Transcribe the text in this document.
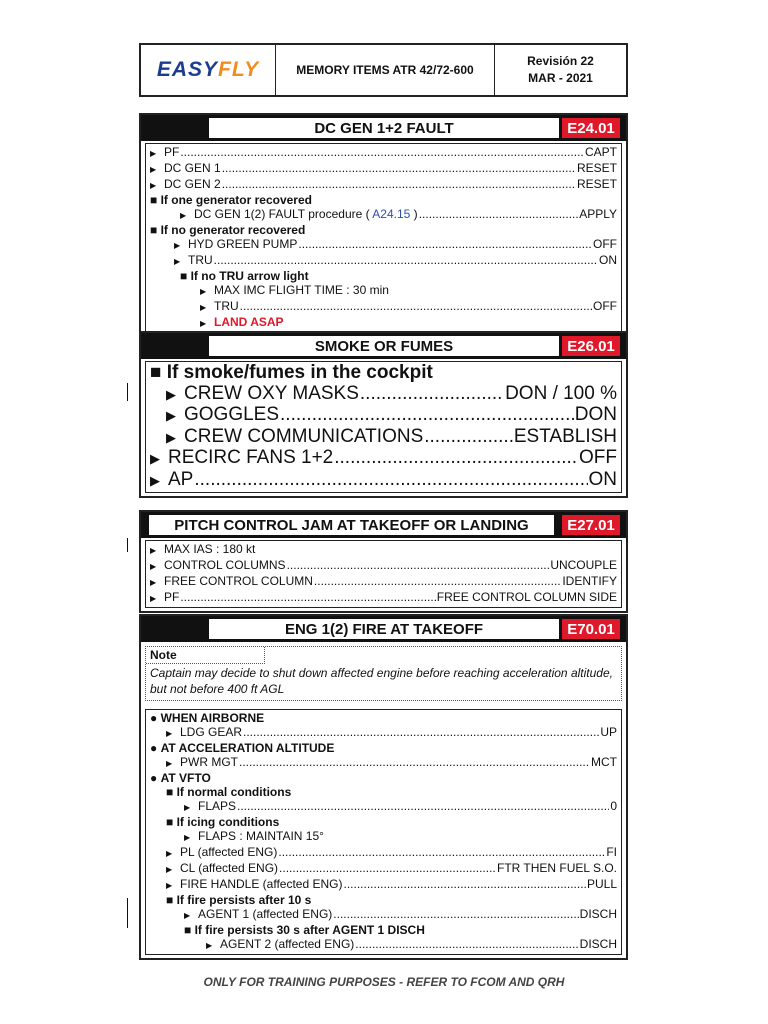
EASY FLY	MEMORY ITEMS ATR 42/72-600
Revisión 22
MAR - 2021
DC GEN 1+2 FAULT	E24.01
▶ PF .....	CAPT
▶ DC GEN 1 .....	RESET
▶ DC GEN 2 .....	RESET
■ If one generator recovered
▶ DC GEN 1(2) FAULT procedure ( A24.15 ) .....	APPLY
■ If no generator recovered
▶ HYD GREEN PUMP .....	OFF
▶ TRU .....	ON
■ If no TRU arrow light
▶ MAX IMC FLIGHT TIME : 30 min
▶ TRU .....	OFF
▶ LAND ASAP
SMOKE OR FUMES	E26.01
■ If smoke/fumes in the cockpit
▶ CREW OXY MASKS .....	DON / 100 %
▶ GOGGLES .....	DON
▶ CREW COMMUNICATIONS .....	ESTABLISH
▶ RECIRC FANS 1+2 .....	OFF
▶ AP .....	ON
PITCH CONTROL JAM AT TAKEOFF OR LANDING	E27.01
▶ MAX IAS : 180 kt
▶ CONTROL COLUMNS .....	UNCOUPLE
▶ FREE CONTROL COLUMN .....	IDENTIFY
▶ PF .....	FREE CONTROL COLUMN SIDE
ENG 1(2) FIRE AT TAKEOFF	E70.01
Note
Captain may decide to shut down affected engine before reaching acceleration altitude, but not before 400 ft AGL
● WHEN AIRBORNE
▶ LDG GEAR .....	UP
● AT ACCELERATION ALTITUDE
▶ PWR MGT .....	MCT
● AT VFTO
■ If normal conditions
▶ FLAPS .....	0
■ If icing conditions
▶ FLAPS : MAINTAIN 15°
▶ PL (affected ENG) .....	FI
▶ CL (affected ENG) .....	FTR THEN FUEL S.O.
▶ FIRE HANDLE (affected ENG) .....	PULL
■ If fire persists after 10 s
▶ AGENT 1 (affected ENG) .....	DISCH
■ If fire persists 30 s after AGENT 1 DISCH
▶ AGENT 2 (affected ENG) .....	DISCH
ONLY FOR TRAINING PURPOSES - REFER TO FCOM AND QRH
